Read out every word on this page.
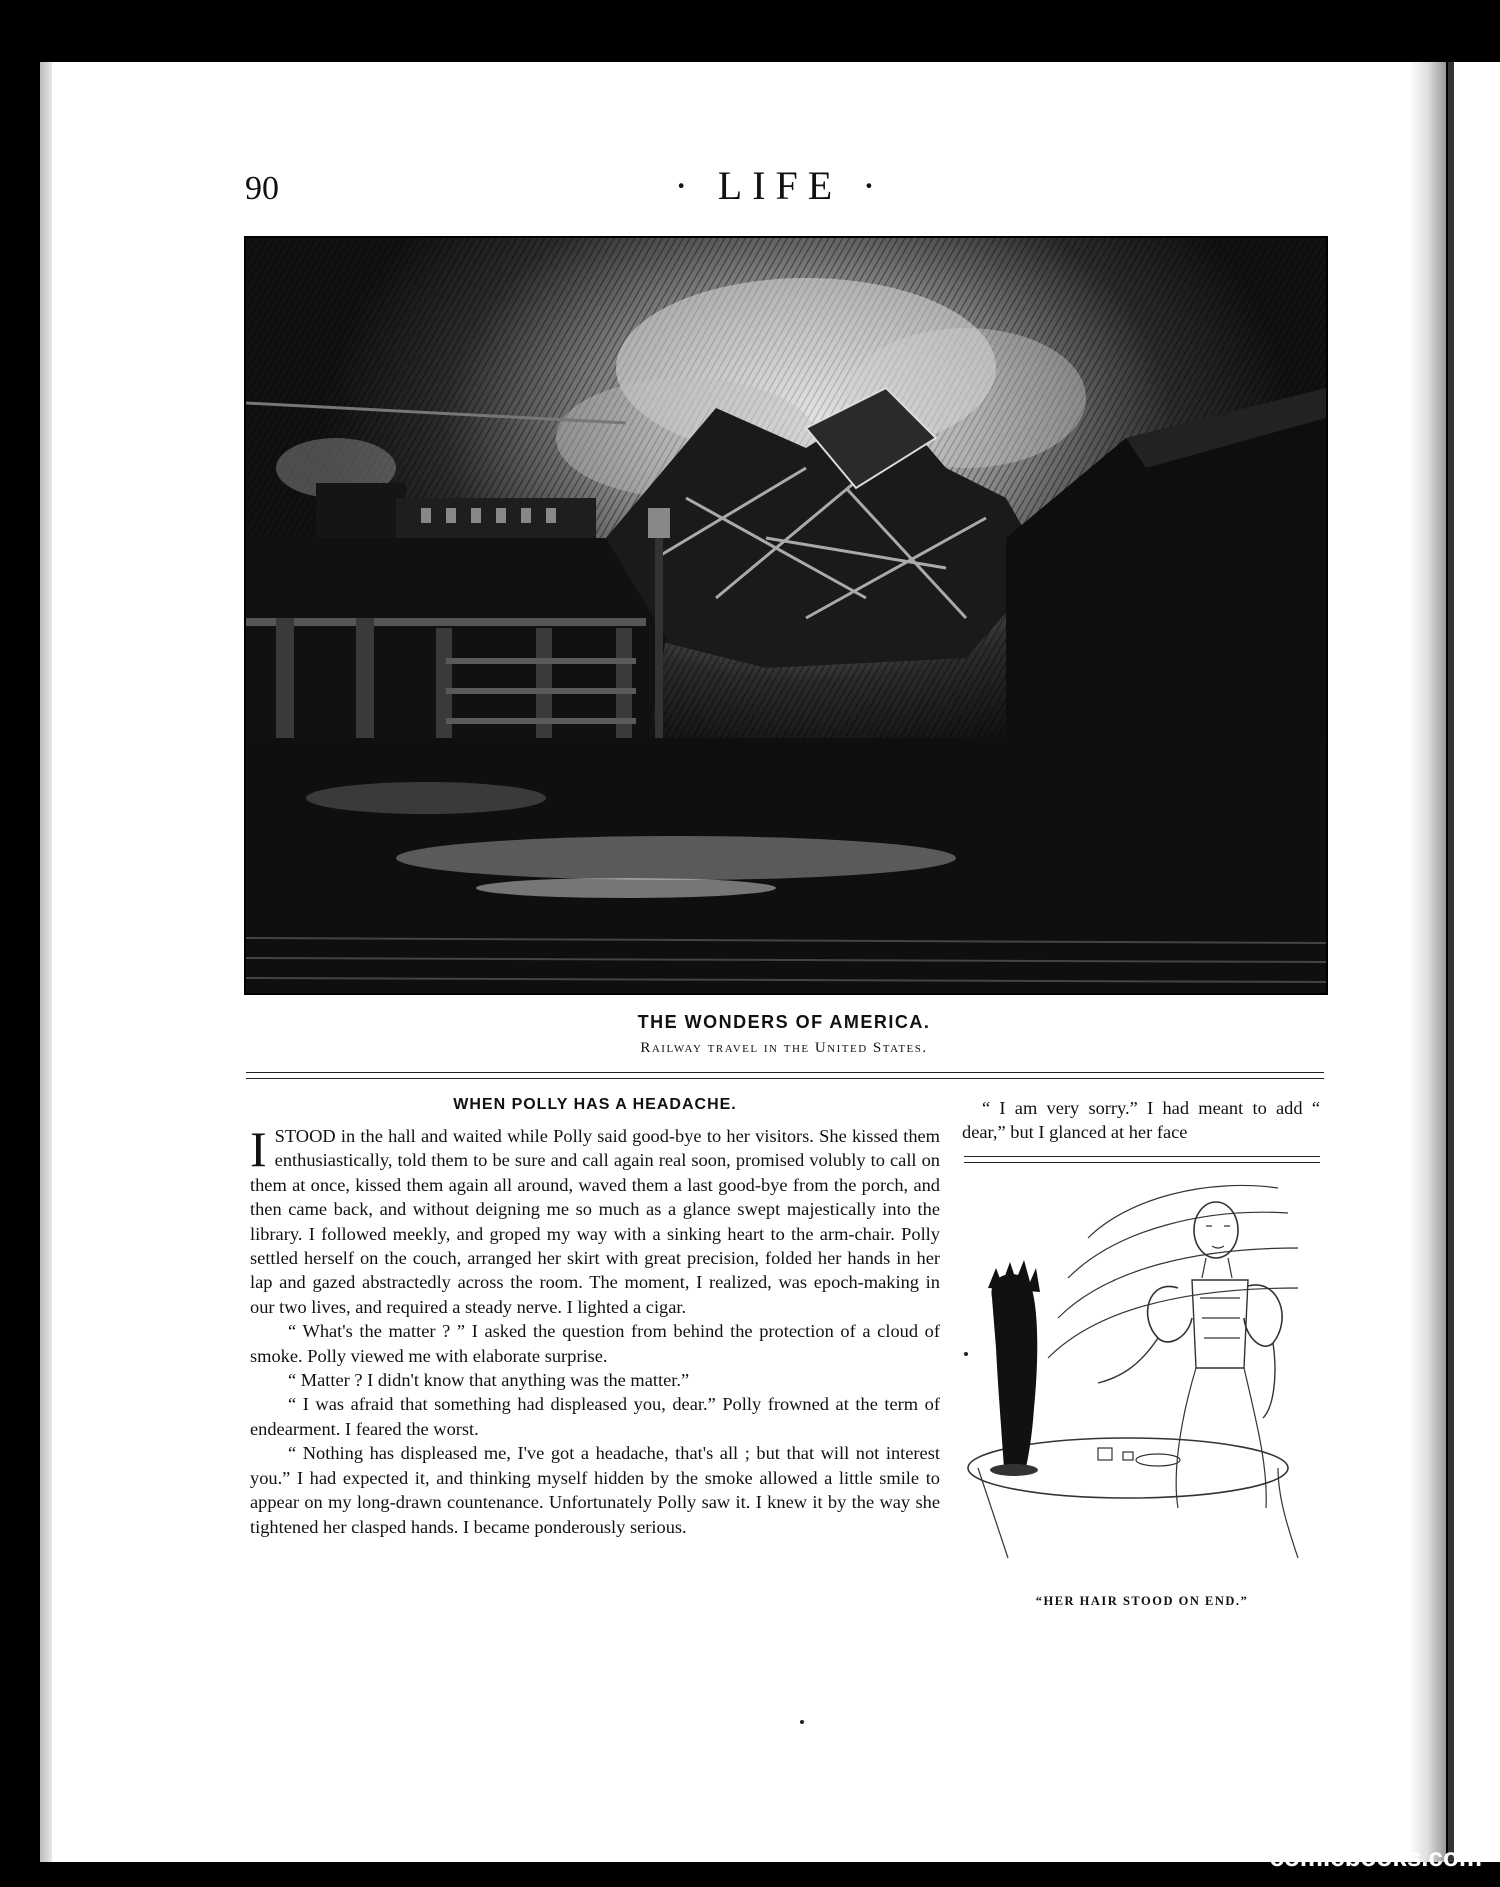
90	· LIFE ·
THE WONDERS OF AMERICA.
Railway travel in the United States.
WHEN POLLY HAS A HEADACHE.

ISTOOD in the hall and waited while Polly said good-bye to her visitors. She kissed them enthusiastically, told them to be sure and call again real soon, promised volubly to call on them at once, kissed them again all around, waved them a last good-bye from the porch, and then came back, and without deigning me so much as a glance swept majestically into the library. I followed meekly, and groped my way with a sinking heart to the arm-chair. Polly settled herself on the couch, arranged her skirt with great precision, folded her hands in her lap and gazed abstractedly across the room. The moment, I realized, was epoch-making in our two lives, and required a steady nerve. I lighted a cigar.

“ What's the matter ? ” I asked the question from behind the protection of a cloud of smoke. Polly viewed me with elaborate surprise.

“ Matter ? I didn't know that anything was the matter.”

“ I was afraid that something had displeased you, dear.” Polly frowned at the term of endearment. I feared the worst.

“ Nothing has displeased me, I've got a headache, that's all ; but that will not interest you.” I had expected it, and thinking myself hidden by the smoke allowed a little smile to appear on my long-drawn countenance. Unfortunately Polly saw it. I knew it by the way she tightened her clasped hands. I became ponderously serious.

“ I am very sorry.” I had meant to add “ dear,” but I glanced at her face
“HER HAIR STOOD ON END.”
comicbooks.com
